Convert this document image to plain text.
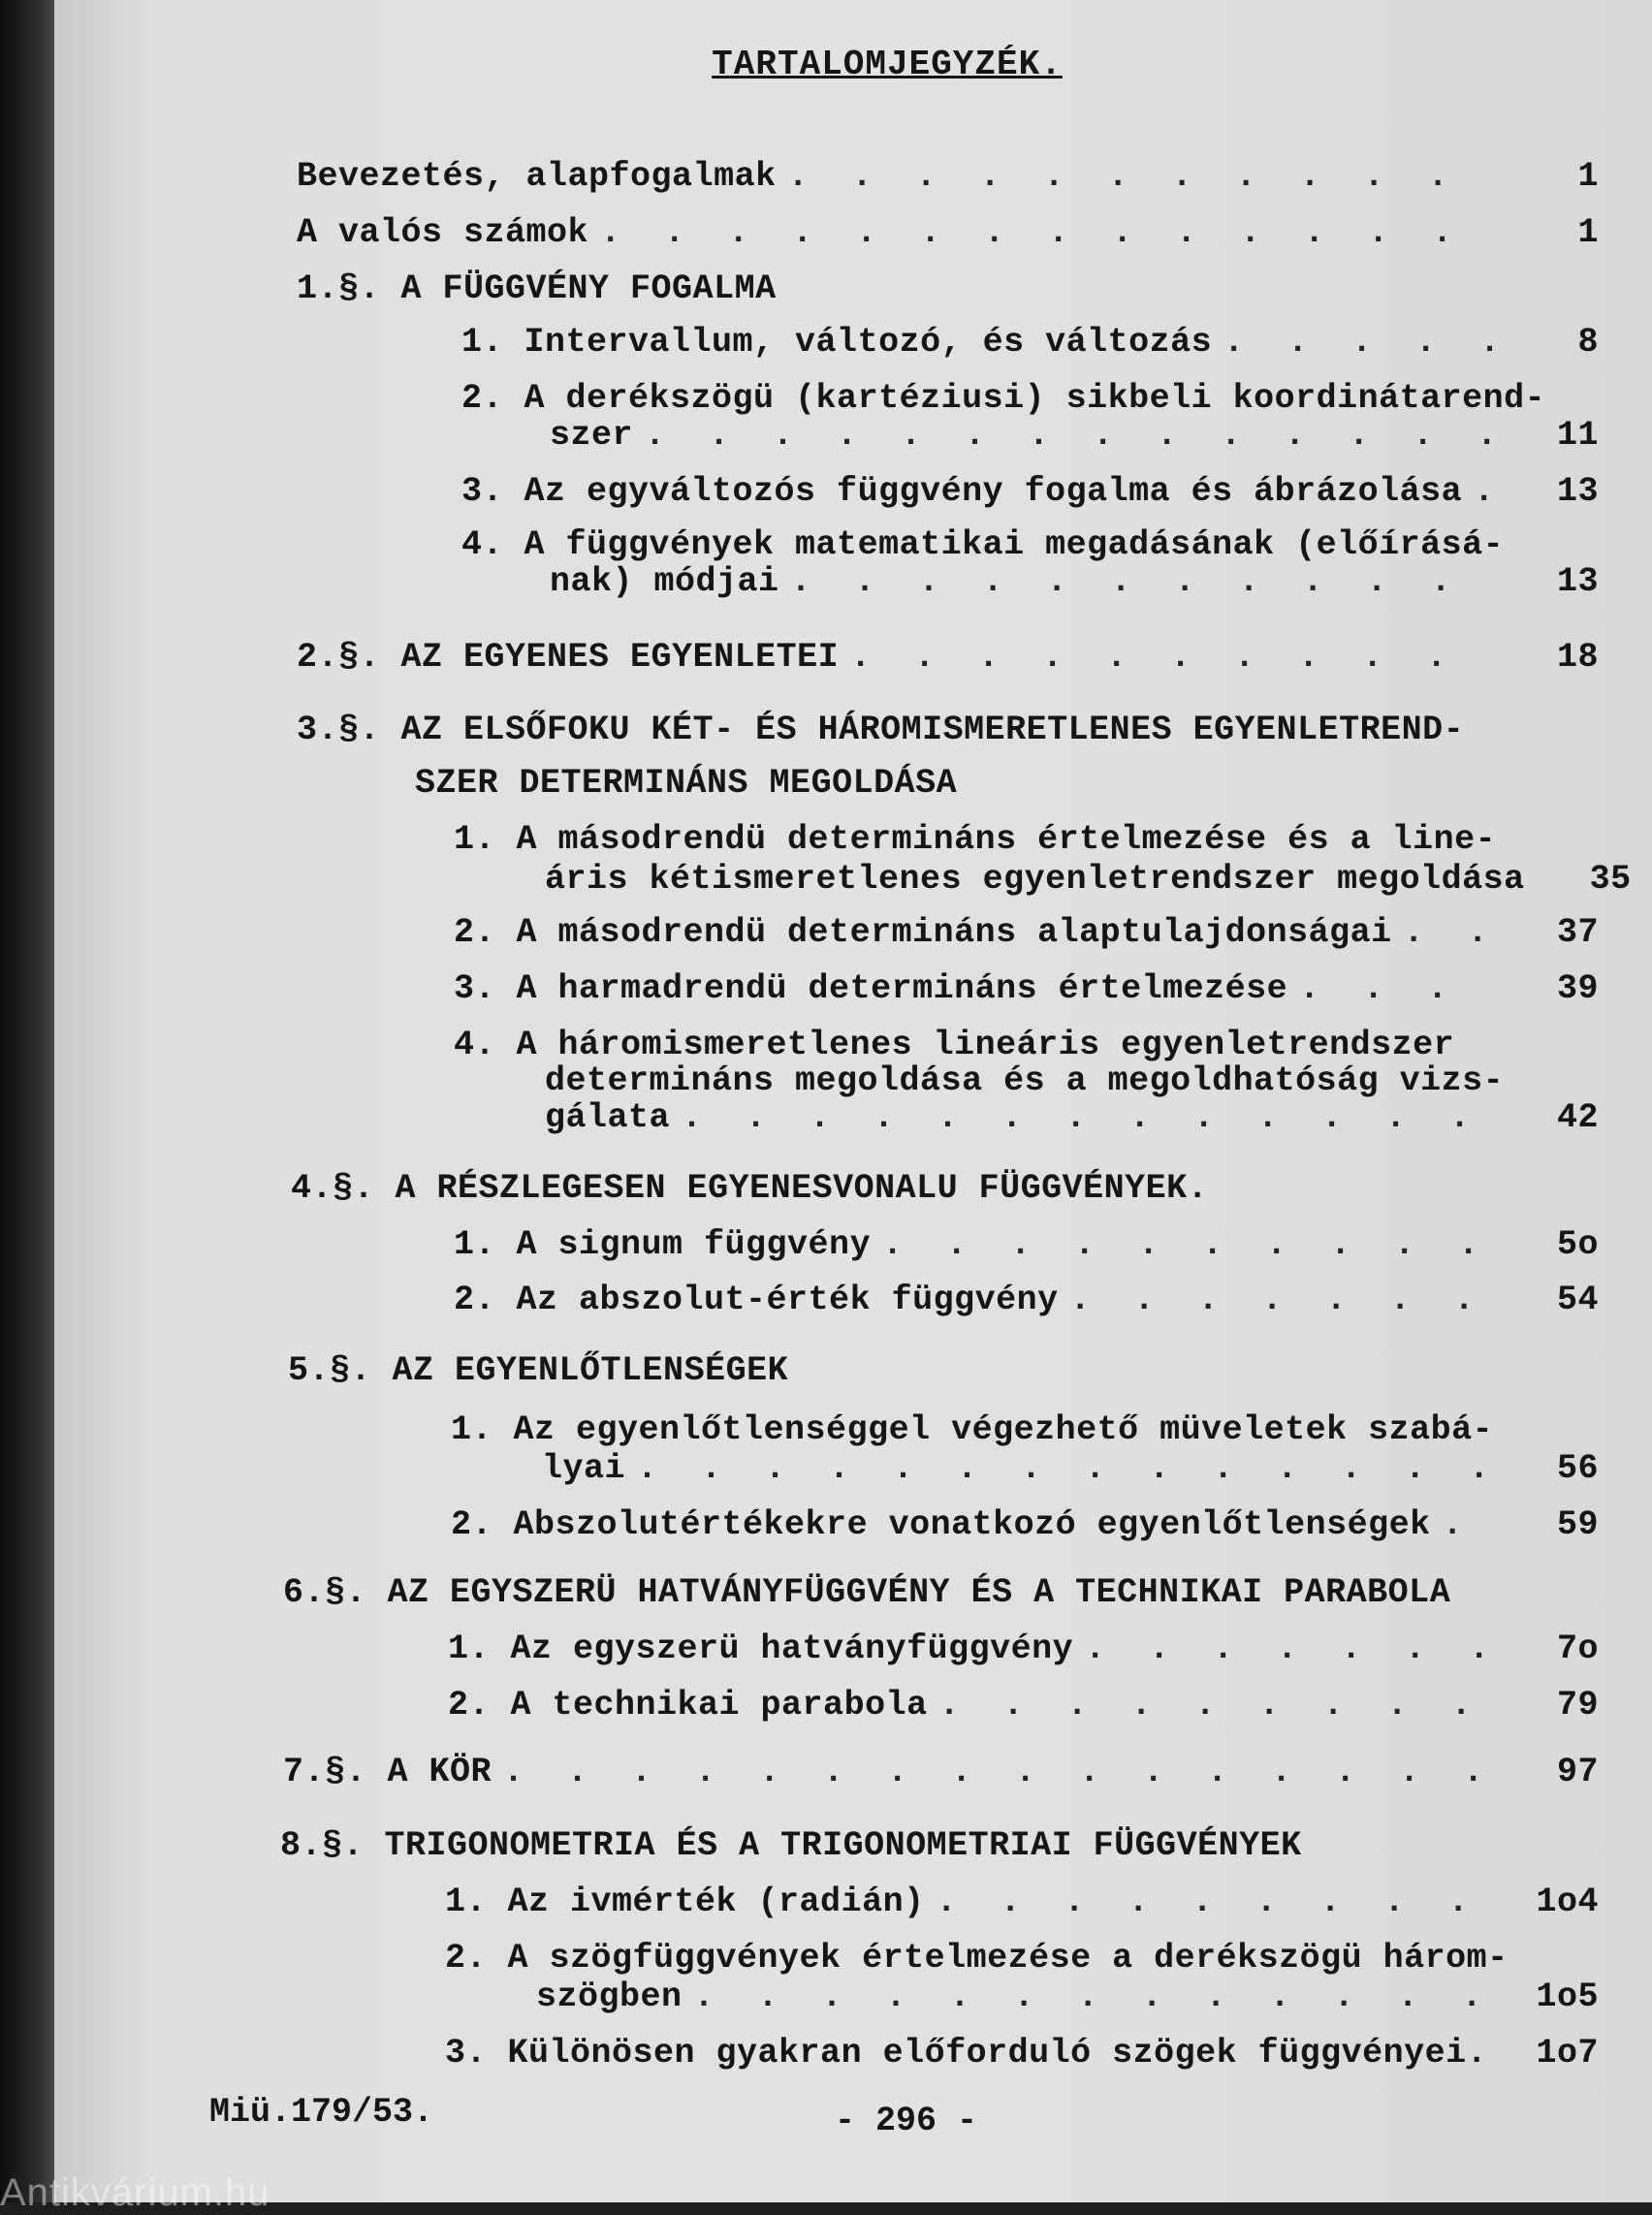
TARTALOMJEGYZÉK.
Bevezetés, alapfogalmak . . .	1
A valós számok . . .	1
1.§. A FÜGGVÉNY FOGALMA
1. Intervallum, változó, és változás . . .	8
2. A derékszögü (kartéziusi) sikbeli koordinátarend-
szer . . .	11
3. Az egyváltozós függvény fogalma és ábrázolása . . .	13
4. A függvények matematikai megadásának (előírásá-
nak) módjai . . .	13
2.§. AZ EGYENES EGYENLETEI . . .	18
3.§. AZ ELSŐFOKU KÉT- ÉS HÁROMISMERETLENES EGYENLETREND-
SZER DETERMINÁNS MEGOLDÁSA
1. A másodrendü determináns értelmezése és a line-
áris kétismeretlenes egyenletrendszer megoldása	35
2. A másodrendü determináns alaptulajdonságai . . .	37
3. A harmadrendü determináns értelmezése . . .	39
4. A háromismeretlenes lineáris egyenletrendszer
determináns megoldása és a megoldhatóság vizs-
gálata . . .	42
4.§. A RÉSZLEGESEN EGYENESVONALU FÜGGVÉNYEK.
1. A signum függvény . . .	5o
2. Az abszolut-érték függvény . . .	54
5.§. AZ EGYENLŐTLENSÉGEK
1. Az egyenlőtlenséggel végezhető müveletek szabá-
lyai . . .	56
2. Abszolutértékekre vonatkozó egyenlőtlenségek . . .	59
6.§. AZ EGYSZERÜ HATVÁNYFÜGGVÉNY ÉS A TECHNIKAI PARABOLA
1. Az egyszerü hatványfüggvény . . .	7o
2. A technikai parabola . . .	79
7.§. A KÖR . . .	97
8.§. TRIGONOMETRIA ÉS A TRIGONOMETRIAI FÜGGVÉNYEK
1. Az ivmérték (radián) . . .	1o4
2. A szögfüggvények értelmezése a derékszögü három-
szögben . . .	1o5
3. Különösen gyakran előforduló szögek függvényei.	1o7
Miü.179/53.	- 296 -
Antikvárium.hu
